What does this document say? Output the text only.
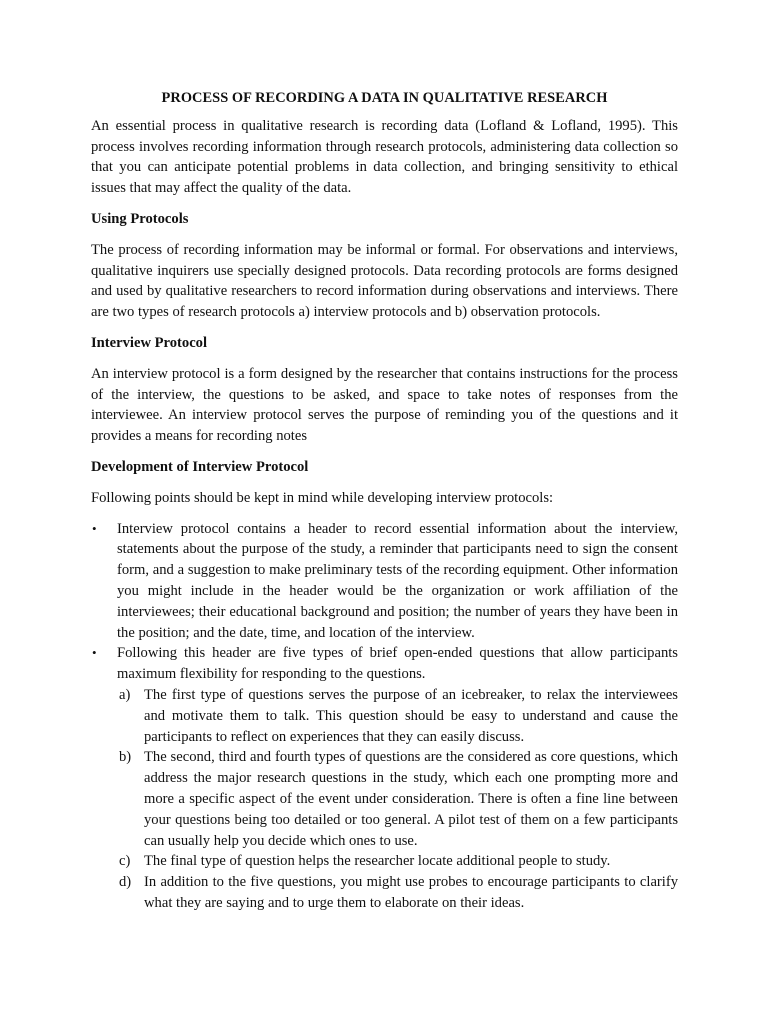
PROCESS OF RECORDING A DATA IN QUALITATIVE RESEARCH

An essential process in qualitative research is recording data (Lofland & Lofland, 1995). This process involves recording information through research protocols, administering data collection so that you can anticipate potential problems in data collection, and bringing sensitivity to ethical issues that may affect the quality of the data.

Using Protocols

The process of recording information may be informal or formal. For observations and interviews, qualitative inquirers use specially designed protocols. Data recording protocols are forms designed and used by qualitative researchers to record information during observations and interviews. There are two types of research protocols a) interview protocols and b) observation protocols.

Interview Protocol

An interview protocol is a form designed by the researcher that contains instructions for the process of the interview, the questions to be asked, and space to take notes of responses from the interviewee. An interview protocol serves the purpose of reminding you of the questions and it provides a means for recording notes

Development of Interview Protocol

Following points should be kept in mind while developing interview protocols:

• Interview protocol contains a header to record essential information about the interview, statements about the purpose of the study, a reminder that participants need to sign the consent form, and a suggestion to make preliminary tests of the recording equipment. Other information you might include in the header would be the organization or work affiliation of the interviewees; their educational background and position; the number of years they have been in the position; and the date, time, and location of the interview.
• Following this header are five types of brief open-ended questions that allow participants maximum flexibility for responding to the questions.
a) The first type of questions serves the purpose of an icebreaker, to relax the interviewees and motivate them to talk. This question should be easy to understand and cause the participants to reflect on experiences that they can easily discuss.
b) The second, third and fourth types of questions are the considered as core questions, which address the major research questions in the study, which each one prompting more and more a specific aspect of the event under consideration. There is often a fine line between your questions being too detailed or too general. A pilot test of them on a few participants can usually help you decide which ones to use.
c) The final type of question helps the researcher locate additional people to study.
d) In addition to the five questions, you might use probes to encourage participants to clarify what they are saying and to urge them to elaborate on their ideas.
